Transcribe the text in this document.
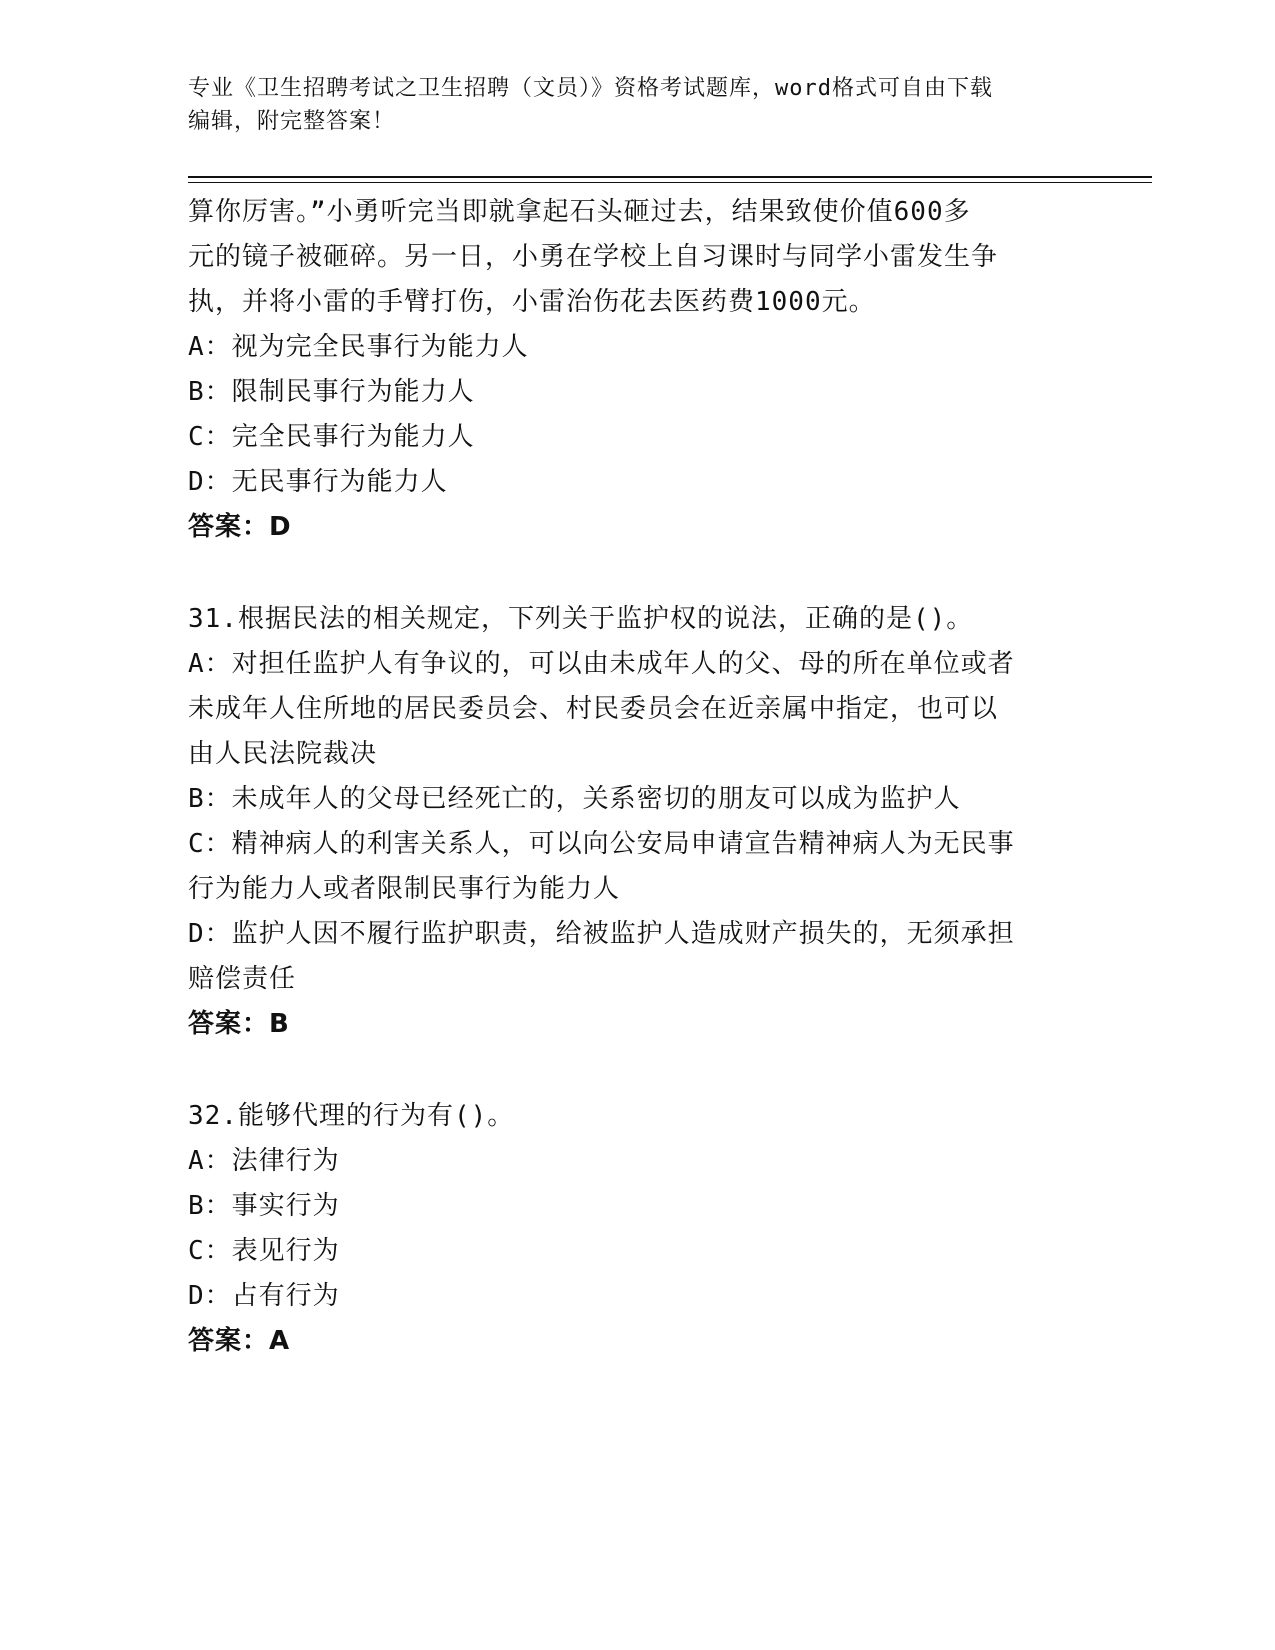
专业《卫生招聘考试之卫生招聘（文员）》资格考试题库，word格式可自由下载
编辑，附完整答案！
算你厉害。”小勇听完当即就拿起石头砸过去，结果致使价值600多
元的镜子被砸碎。另一日，小勇在学校上自习课时与同学小雷发生争
执，并将小雷的手臂打伤，小雷治伤花去医药费1000元。
A：视为完全民事行为能力人
B：限制民事行为能力人
C：完全民事行为能力人
D：无民事行为能力人
答案：D
31.根据民法的相关规定，下列关于监护权的说法，正确的是()。
A：对担任监护人有争议的，可以由未成年人的父、母的所在单位或者
未成年人住所地的居民委员会、村民委员会在近亲属中指定，也可以
由人民法院裁决
B：未成年人的父母已经死亡的，关系密切的朋友可以成为监护人
C：精神病人的利害关系人，可以向公安局申请宣告精神病人为无民事
行为能力人或者限制民事行为能力人
D：监护人因不履行监护职责，给被监护人造成财产损失的，无须承担
赔偿责任
答案：B
32.能够代理的行为有()。
A：法律行为
B：事实行为
C：表见行为
D：占有行为
答案：A
